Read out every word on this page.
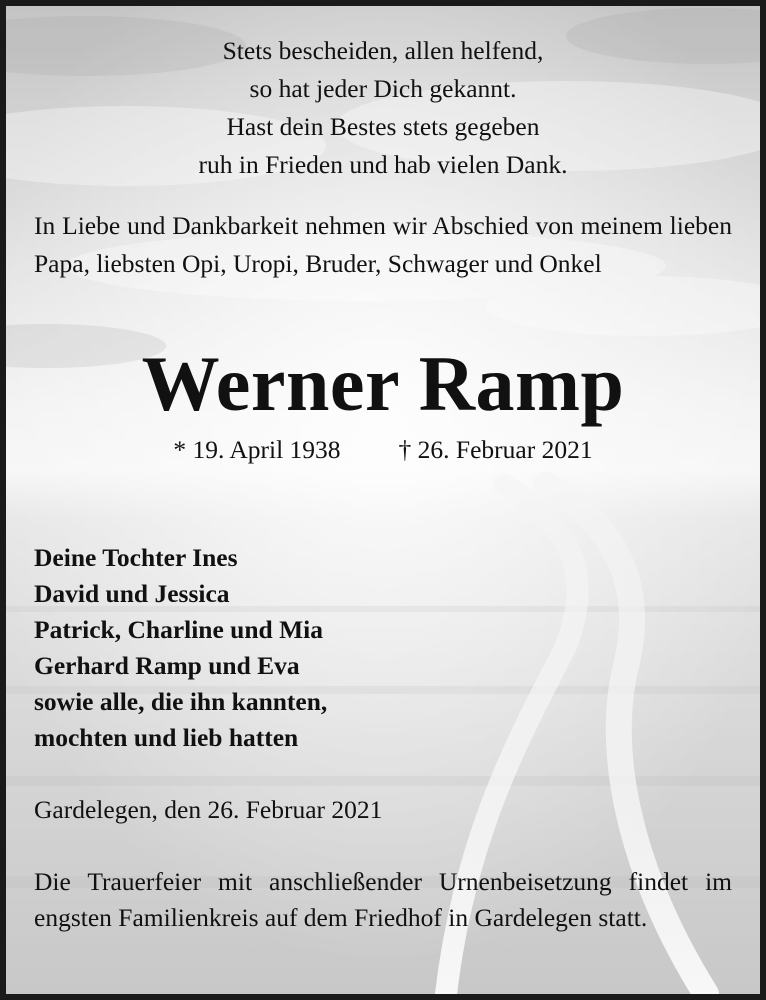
Stets bescheiden, allen helfend,
so hat jeder Dich gekannt.
Hast dein Bestes stets gegeben
ruh in Frieden und hab vielen Dank.
In Liebe und Dankbarkeit nehmen wir Abschied von meinem lieben Papa, liebsten Opi, Uropi, Bruder, Schwager und Onkel
Werner Ramp
* 19. April 1938 † 26. Februar 2021
Deine Tochter Ines
David und Jessica
Patrick, Charline und Mia
Gerhard Ramp und Eva
sowie alle, die ihn kannten,
mochten und lieb hatten
Gardelegen, den 26. Februar 2021
Die Trauerfeier mit anschließender Urnenbeisetzung findet im engsten Familienkreis auf dem Friedhof in Gardelegen statt.
